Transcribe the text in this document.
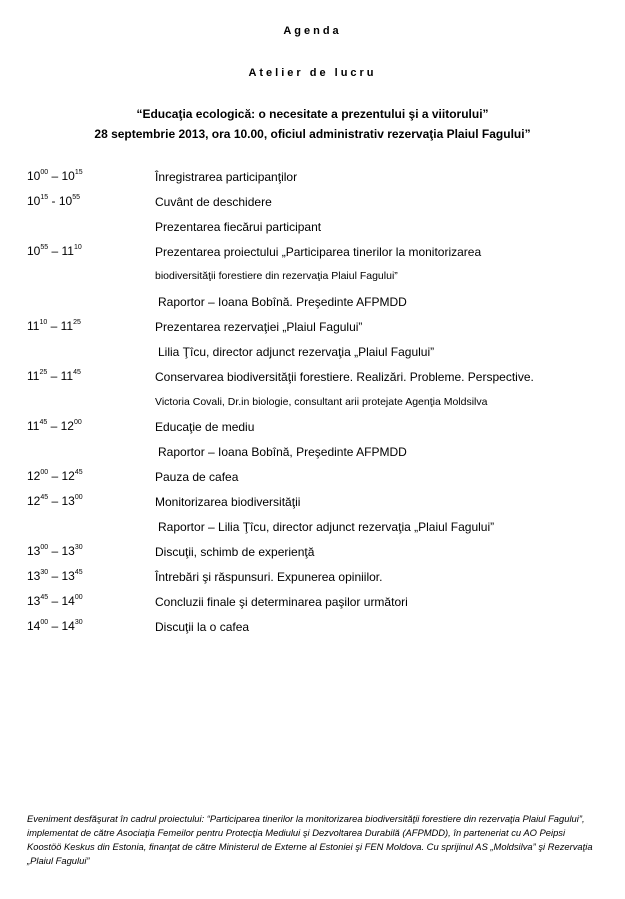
Agenda
Atelier de lucru
“Educaţia ecologică: o necesitate a prezentului şi a viitorului”
28 septembrie 2013, ora 10.00, oficiul administrativ rezervaţia Plaiul Fagului”
$10^{00} - 10^{15}$	Înregistrarea participanţilor
$10^{15} - 10^{55}$	Cuvânt de deschidere
Prezentarea fiecărui participant
$10^{55} - 11^{10}$	Prezentarea proiectului „Participarea tinerilor la monitorizarea
biodiversităţii forestiere din rezervaţia Plaiul Fagului”
Raportor – Ioana Bobînă. Preşedinte AFPMDD
$11^{10} - 11^{25}$	Prezentarea rezervaţiei „Plaiul Fagului”
Lilia Ţîcu, director adjunct rezervaţia „Plaiul Fagului”
$11^{25} - 11^{45}$	Conservarea biodiversităţii forestiere. Realizări. Probleme. Perspective.
Victoria Covali, Dr.in biologie, consultant arii protejate Agenţia Moldsilva
$11^{45} - 12^{00}$	Educaţie de mediu
Raportor – Ioana Bobînă, Preşedinte AFPMDD
$12^{00} - 12^{45}$	Pauza de cafea
$12^{45} - 13^{00}$	Monitorizarea biodiversităţii
Raportor – Lilia Ţîcu, director adjunct rezervaţia „Plaiul Fagului”
$13^{00} - 13^{30}$	Discuţii, schimb de experienţă
$13^{30} - 13^{45}$	Întrebări şi răspunsuri. Expunerea opiniilor.
$13^{45} - 14^{00}$	Concluzii finale şi determinarea paşilor următori
$14^{00} - 14^{30}$	Discuţii la o cafea
Eveniment desfăşurat în cadrul proiectului: “Participarea tinerilor la monitorizarea biodiversităţii forestiere din rezervaţia Plaiul Fagului”, implementat de către Asociaţia Femeilor pentru Protecţia Mediului şi Dezvoltarea Durabilă (AFPMDD), în parteneriat cu AO Peipsi Koostöö Keskus din Estonia, finanţat de către Ministerul de Externe al Estoniei şi FEN Moldova. Cu sprijinul AS „Moldsilva” şi Rezervaţia „Plaiul Fagului”
